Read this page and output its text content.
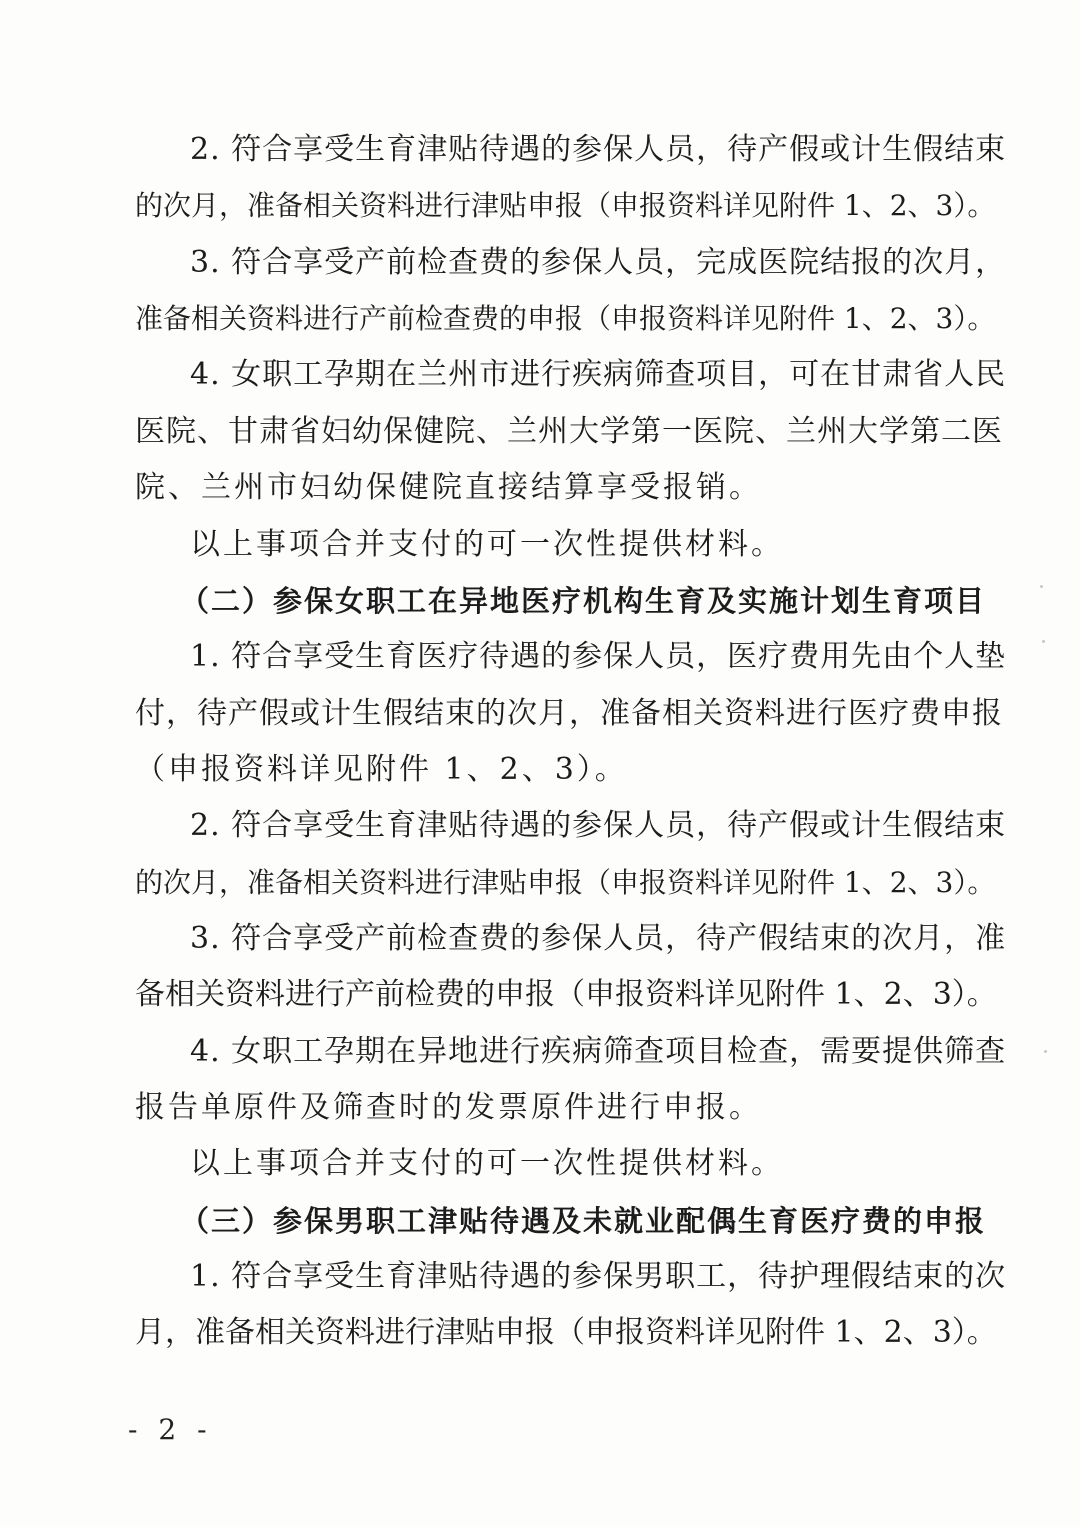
2. 符合享受生育津贴待遇的参保人员，待产假或计生假结束
的次月，准备相关资料进行津贴申报（申报资料详见附件 1、2、3）。
3. 符合享受产前检查费的参保人员，完成医院结报的次月，
准备相关资料进行产前检查费的申报（申报资料详见附件 1、2、3）。
4. 女职工孕期在兰州市进行疾病筛查项目，可在甘肃省人民
医院、甘肃省妇幼保健院、兰州大学第一医院、兰州大学第二医
院、兰州市妇幼保健院直接结算享受报销。
以上事项合并支付的可一次性提供材料。
（二）参保女职工在异地医疗机构生育及实施计划生育项目
1. 符合享受生育医疗待遇的参保人员，医疗费用先由个人垫
付，待产假或计生假结束的次月，准备相关资料进行医疗费申报
（申报资料详见附件 1、2、3）。
2. 符合享受生育津贴待遇的参保人员，待产假或计生假结束
的次月，准备相关资料进行津贴申报（申报资料详见附件 1、2、3）。
3. 符合享受产前检查费的参保人员，待产假结束的次月，准
备相关资料进行产前检费的申报（申报资料详见附件 1、2、3）。
4. 女职工孕期在异地进行疾病筛查项目检查，需要提供筛查
报告单原件及筛查时的发票原件进行申报。
以上事项合并支付的可一次性提供材料。
（三）参保男职工津贴待遇及未就业配偶生育医疗费的申报
1. 符合享受生育津贴待遇的参保男职工，待护理假结束的次
月，准备相关资料进行津贴申报（申报资料详见附件 1、2、3）。
- 2 -
